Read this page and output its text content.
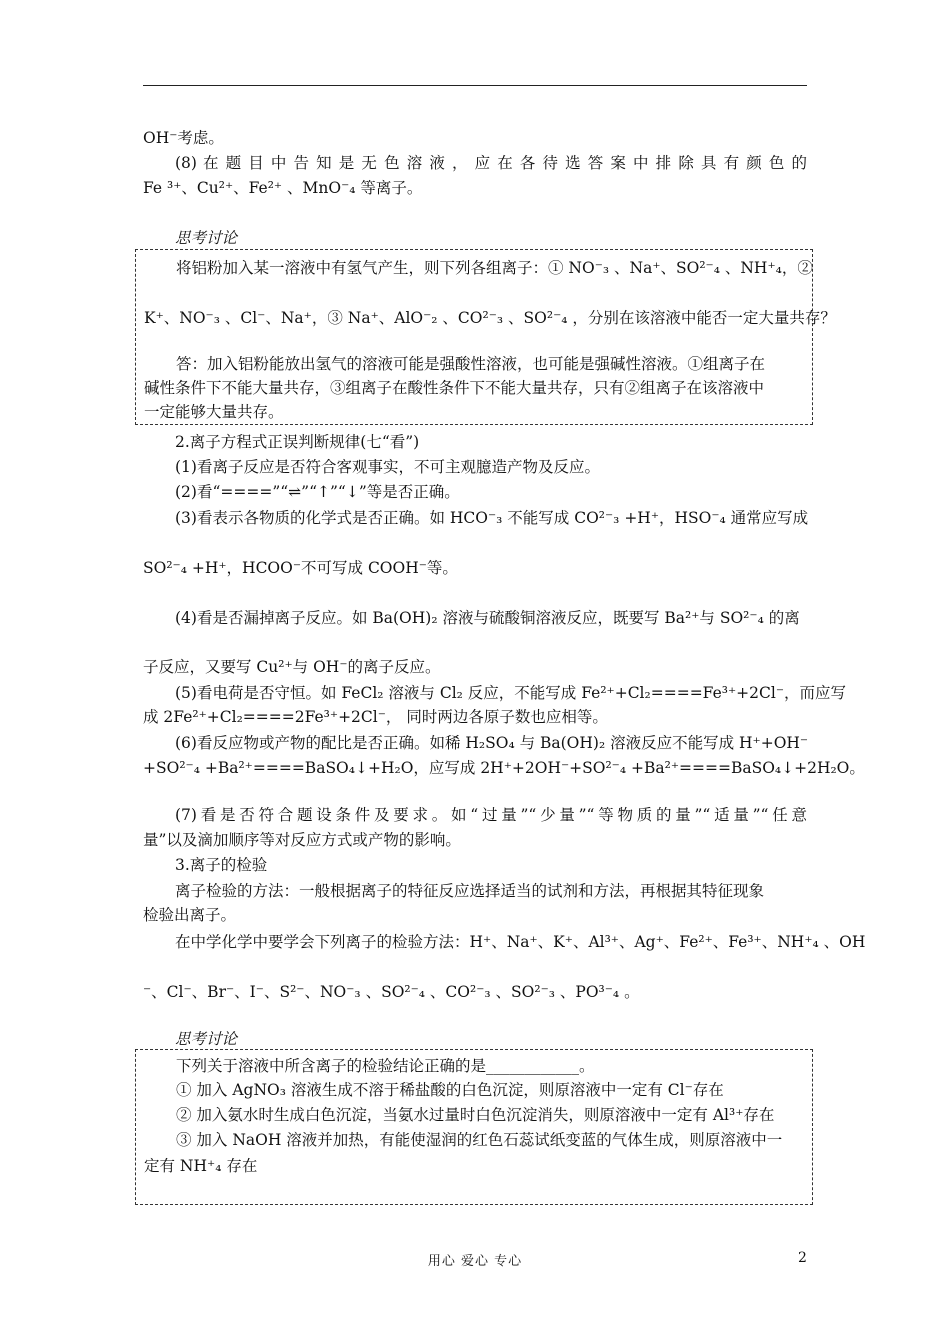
OH⁻考虑。
(8) 在 题 目 中 告 知 是 无 色 溶 液 ， 应 在 各 待 选 答 案 中 排 除 具 有 颜 色 的
Fe ³⁺、Cu²⁺、Fe²⁺ 、MnO⁻₄ 等离子。
思考讨论
将铝粉加入某一溶液中有氢气产生，则下列各组离子：① NO⁻₃ 、Na⁺、SO²⁻₄ 、NH⁺₄，②
K⁺、NO⁻₃ 、Cl⁻、Na⁺，③ Na⁺、AlO⁻₂ 、CO²⁻₃ 、SO²⁻₄ ，分别在该溶液中能否一定大量共存？
答：加入铝粉能放出氢气的溶液可能是强酸性溶液，也可能是强碱性溶液。①组离子在
碱性条件下不能大量共存，③组离子在酸性条件下不能大量共存，只有②组离子在该溶液中
一定能够大量共存。
2.离子方程式正误判断规律(七“看”)
(1)看离子反应是否符合客观事实，不可主观臆造产物及反应。
(2)看“====”“⇌”“↑”“↓”等是否正确。
(3)看表示各物质的化学式是否正确。如 HCO⁻₃ 不能写成 CO²⁻₃ +H⁺，HSO⁻₄ 通常应写成
SO²⁻₄ +H⁺，HCOO⁻不可写成 COOH⁻等。
(4)看是否漏掉离子反应。如 Ba(OH)₂ 溶液与硫酸铜溶液反应，既要写 Ba²⁺与 SO²⁻₄ 的离
子反应，又要写 Cu²⁺与 OH⁻的离子反应。
(5)看电荷是否守恒。如 FeCl₂ 溶液与 Cl₂ 反应，不能写成 Fe²⁺+Cl₂====Fe³⁺+2Cl⁻，而应写
成 2Fe²⁺+Cl₂====2Fe³⁺+2Cl⁻， 同时两边各原子数也应相等。
(6)看反应物或产物的配比是否正确。如稀 H₂SO₄ 与 Ba(OH)₂ 溶液反应不能写成 H⁺+OH⁻
+SO²⁻₄ +Ba²⁺====BaSO₄↓+H₂O，应写成 2H⁺+2OH⁻+SO²⁻₄ +Ba²⁺====BaSO₄↓+2H₂O。
(7)看是否符合题设条件及要求。如“过量”“少量”“等物质的量”“适量”“任意
量”以及滴加顺序等对反应方式或产物的影响。
3.离子的检验
离子检验的方法：一般根据离子的特征反应选择适当的试剂和方法，再根据其特征现象
检验出离子。
在中学化学中要学会下列离子的检验方法：H⁺、Na⁺、K⁺、Al³⁺、Ag⁺、Fe²⁺、Fe³⁺、NH⁺₄ 、OH
⁻、Cl⁻、Br⁻、I⁻、S²⁻、NO⁻₃ 、SO²⁻₄ 、CO²⁻₃ 、SO²⁻₃ 、PO³⁻₄ 。
思考讨论
下列关于溶液中所含离子的检验结论正确的是____________。
① 加入 AgNO₃ 溶液生成不溶于稀盐酸的白色沉淀，则原溶液中一定有 Cl⁻存在
② 加入氨水时生成白色沉淀，当氨水过量时白色沉淀消失，则原溶液中一定有 Al³⁺存在
③ 加入 NaOH 溶液并加热，有能使湿润的红色石蕊试纸变蓝的气体生成，则原溶液中一
定有 NH⁺₄ 存在
用心 爱心 专心	2
